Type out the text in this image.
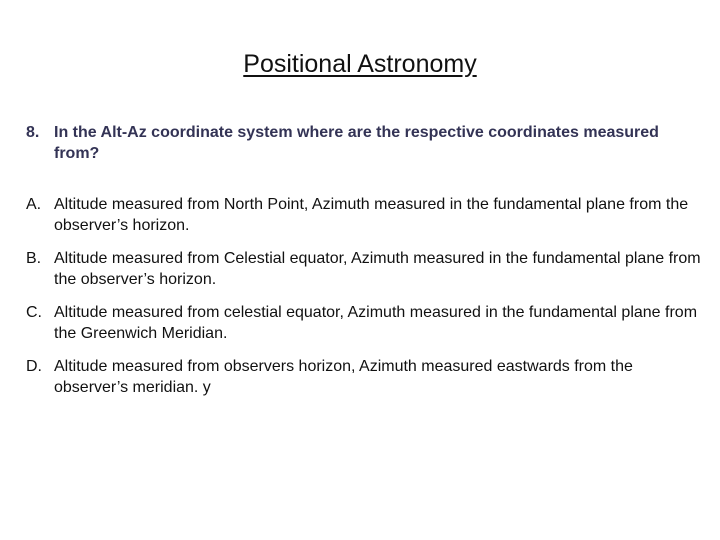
Positional Astronomy
8. In the Alt-Az coordinate system where are the respective coordinates measured from?
A. Altitude measured from North Point, Azimuth measured in the fundamental plane from the observer’s horizon.
B. Altitude measured from Celestial equator, Azimuth measured in the fundamental plane from the observer’s horizon.
C. Altitude measured from celestial equator, Azimuth measured in the fundamental plane from the Greenwich Meridian.
D. Altitude measured from observers horizon, Azimuth measured eastwards from the observer’s meridian. y
